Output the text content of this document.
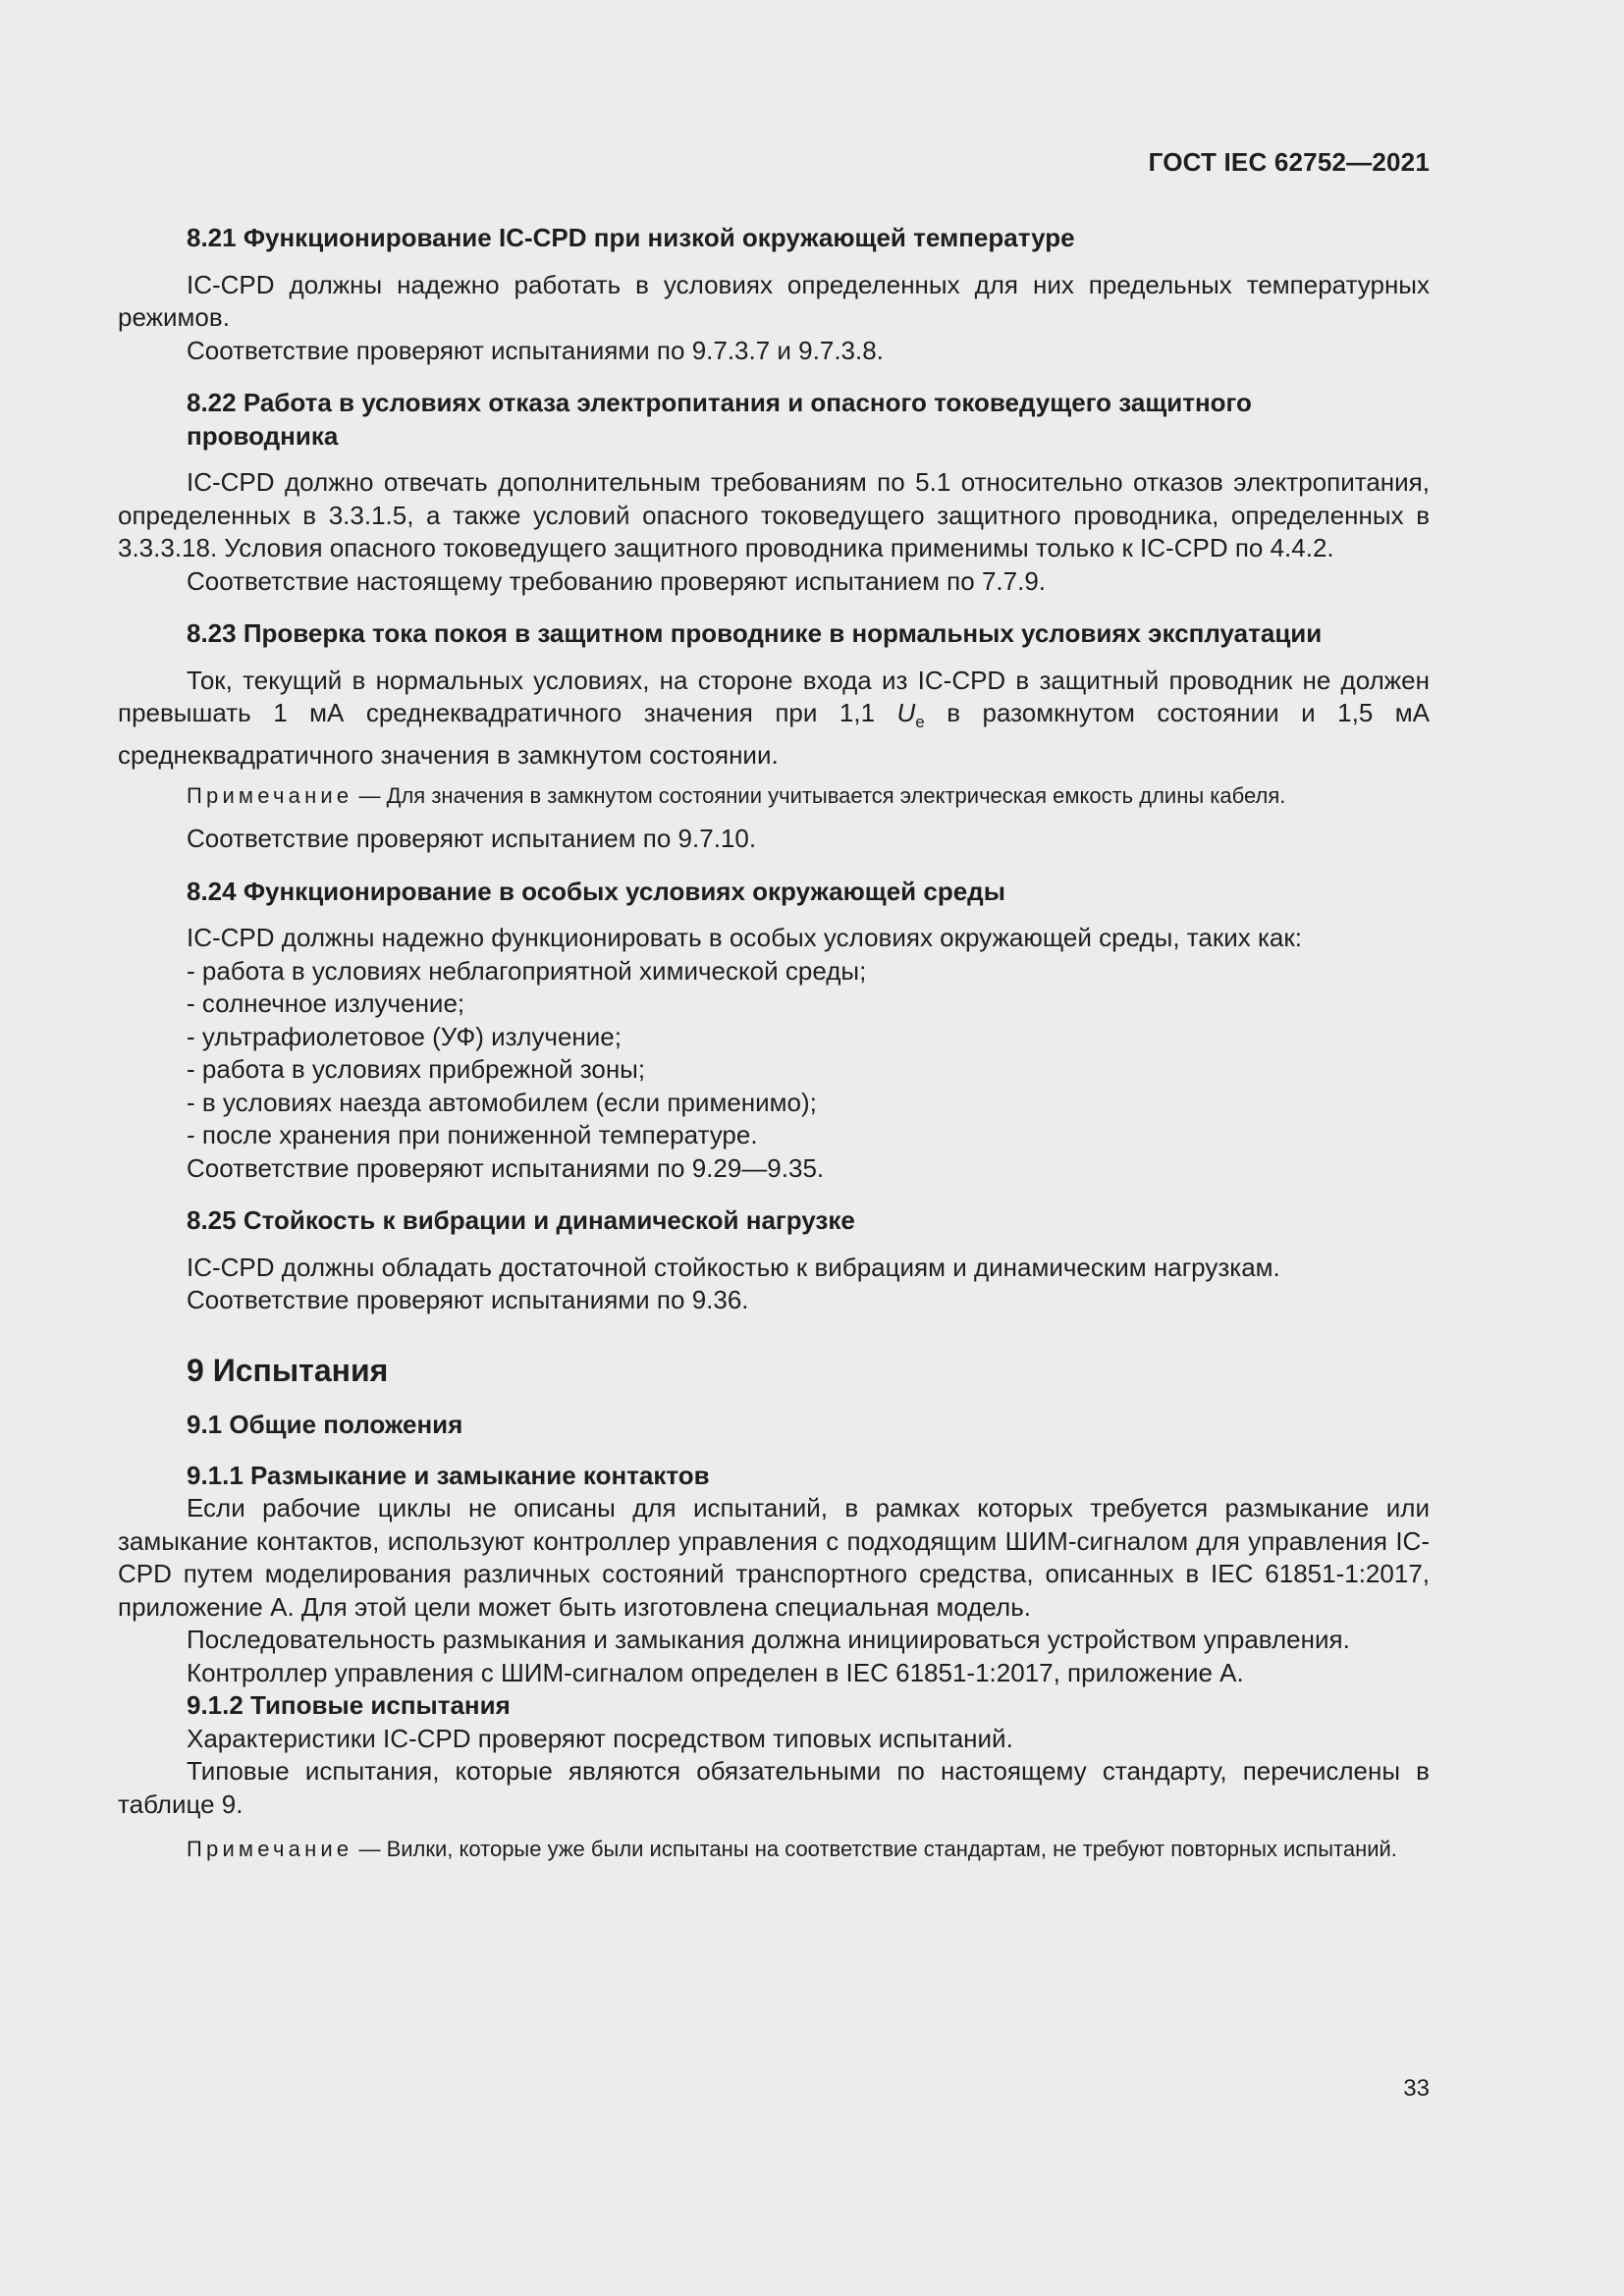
ГОСТ IEC 62752—2021
8.21 Функционирование IC-CPD при низкой окружающей температуре

IC-CPD должны надежно работать в условиях определенных для них предельных температурных режимов.

Соответствие проверяют испытаниями по 9.7.3.7 и 9.7.3.8.

8.22 Работа в условиях отказа электропитания и опасного токоведущего защитного
проводника

IC-CPD должно отвечать дополнительным требованиям по 5.1 относительно отказов электропитания, определенных в 3.3.1.5, а также условий опасного токоведущего защитного проводника, определенных в 3.3.3.18. Условия опасного токоведущего защитного проводника применимы только к IC-CPD по 4.4.2.

Соответствие настоящему требованию проверяют испытанием по 7.7.9.

8.23 Проверка тока покоя в защитном проводнике в нормальных условиях эксплуатации

Ток, текущий в нормальных условиях, на стороне входа из IC-CPD в защитный проводник не должен превышать 1 мА среднеквадратичного значения при 1,1 $U_e$ в разомкнутом состоянии и 1,5 мА среднеквадратичного значения в замкнутом состоянии.

Примечание — Для значения в замкнутом состоянии учитывается электрическая емкость длины кабеля.

Соответствие проверяют испытанием по 9.7.10.

8.24 Функционирование в особых условиях окружающей среды

IC-CPD должны надежно функционировать в особых условиях окружающей среды, таких как:

- работа в условиях неблагоприятной химической среды;

- солнечное излучение;

- ультрафиолетовое (УФ) излучение;

- работа в условиях прибрежной зоны;

- в условиях наезда автомобилем (если применимо);

- после хранения при пониженной температуре.

Соответствие проверяют испытаниями по 9.29—9.35.

8.25 Стойкость к вибрации и динамической нагрузке

IC-CPD должны обладать достаточной стойкостью к вибрациям и динамическим нагрузкам.

Соответствие проверяют испытаниями по 9.36.

9 Испытания
9.1 Общие положения
9.1.1 Размыкание и замыкание контактов

Если рабочие циклы не описаны для испытаний, в рамках которых требуется размыкание или замыкание контактов, используют контроллер управления с подходящим ШИМ-сигналом для управления IC-CPD путем моделирования различных состояний транспортного средства, описанных в IEC 61851-1:2017, приложение А. Для этой цели может быть изготовлена специальная модель.

Последовательность размыкания и замыкания должна инициироваться устройством управления.

Контроллер управления с ШИМ-сигналом определен в IEC 61851-1:2017, приложение А.

9.1.2 Типовые испытания

Характеристики IC-CPD проверяют посредством типовых испытаний.

Типовые испытания, которые являются обязательными по настоящему стандарту, перечислены в таблице 9.

Примечание — Вилки, которые уже были испытаны на соответствие стандартам, не требуют повторных испытаний.

33
